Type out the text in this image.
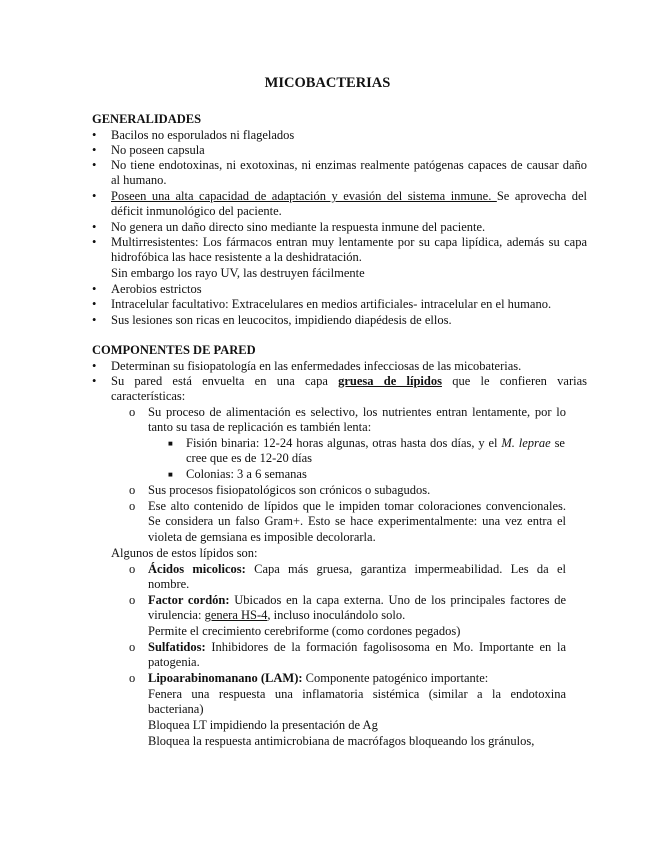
MICOBACTERIAS
GENERALIDADES
•	Bacilos no esporulados ni flagelados
•	No poseen capsula
•	No tiene endotoxinas, ni exotoxinas, ni enzimas realmente patógenas capaces de causar daño al humano.
•	Poseen una alta capacidad de adaptación y evasión del sistema inmune. Se aprovecha del déficit inmunológico del paciente.
•	No genera un daño directo sino mediante la respuesta inmune del paciente.
•	Multirresistentes: Los fármacos entran muy lentamente por su capa lipídica, además su capa hidrofóbica las hace resistente a la deshidratación.
Sin embargo los rayo UV, las destruyen fácilmente
•	Aerobios estrictos
•	Intracelular facultativo: Extracelulares en medios artificiales- intracelular en el humano.
•	Sus lesiones son ricas en leucocitos, impidiendo diapédesis de ellos.
COMPONENTES DE PARED
•	Determinan su fisiopatología en las enfermedades infecciosas de las micobaterias.
•	Su pared está envuelta en una capa gruesa de lípidos que le confieren varias características:
o Su proceso de alimentación es selectivo, los nutrientes entran lentamente, por lo tanto su tasa de replicación es también lenta:
■ Fisión binaria: 12-24 horas algunas, otras hasta dos días, y el M. leprae se cree que es de 12-20 días
■ Colonias: 3 a 6 semanas
o Sus procesos fisiopatológicos son crónicos o subagudos.
o Ese alto contenido de lípidos que le impiden tomar coloraciones convencionales. Se considera un falso Gram+. Esto se hace experimentalmente: una vez entra el violeta de gemsiana es imposible decolorarla.
Algunos de estos lípidos son:
o Ácidos micolicos: Capa más gruesa, garantiza impermeabilidad. Les da el nombre.
o Factor cordón: Ubicados en la capa externa. Uno de los principales factores de virulencia: genera HS-4, incluso inoculándolo solo.
Permite el crecimiento cerebriforme (como cordones pegados)
o Sulfatidos: Inhibidores de la formación fagolisosoma en Mo. Importante en la patogenia.
o Lipoarabinomanano (LAM): Componente patogénico importante:
Fenera una respuesta una inflamatoria sistémica (similar a la endotoxina bacteriana)
Bloquea LT impidiendo la presentación de Ag
Bloquea la respuesta antimicrobiana de macrófagos bloqueando los gránulos,
